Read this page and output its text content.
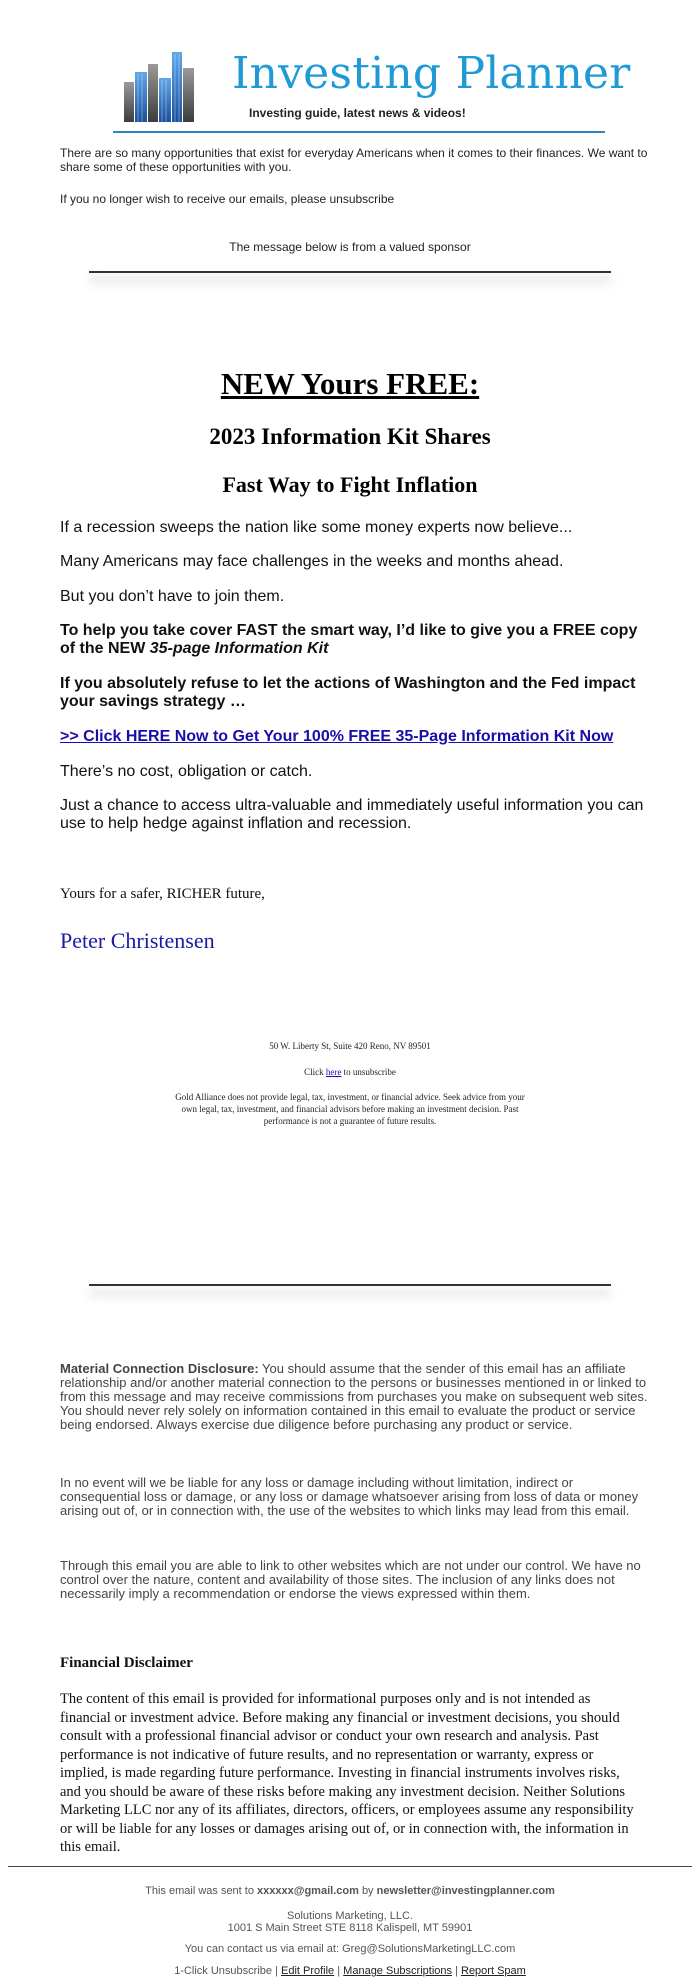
Investing Planner
Investing guide, latest news & videos!
There are so many opportunities that exist for everyday Americans when it comes to their finances. We want to share some of these opportunities with you.
If you no longer wish to receive our emails, please unsubscribe
The message below is from a valued sponsor
NEW Yours FREE:
2023 Information Kit Shares
Fast Way to Fight Inflation
If a recession sweeps the nation like some money experts now believe...
Many Americans may face challenges in the weeks and months ahead.
But you don’t have to join them.
To help you take cover FAST the smart way, I’d like to give you a FREE copy of the NEW 35-page Information Kit
If you absolutely refuse to let the actions of Washington and the Fed impact your savings strategy …
>> Click HERE Now to Get Your 100% FREE 35-Page Information Kit Now
There’s no cost, obligation or catch.
Just a chance to access ultra-valuable and immediately useful information you can use to help hedge against inflation and recession.
Yours for a safer, RICHER future,
Peter Christensen
50 W. Liberty St, Suite 420 Reno, NV 89501
Click here to unsubscribe
Gold Alliance does not provide legal, tax, investment, or financial advice. Seek advice from your own legal, tax, investment, and financial advisors before making an investment decision. Past performance is not a guarantee of future results.
Material Connection Disclosure: You should assume that the sender of this email has an affiliate relationship and/or another material connection to the persons or businesses mentioned in or linked to from this message and may receive commissions from purchases you make on subsequent web sites. You should never rely solely on information contained in this email to evaluate the product or service being endorsed. Always exercise due diligence before purchasing any product or service.
In no event will we be liable for any loss or damage including without limitation, indirect or consequential loss or damage, or any loss or damage whatsoever arising from loss of data or money arising out of, or in connection with, the use of the websites to which links may lead from this email.
Through this email you are able to link to other websites which are not under our control. We have no control over the nature, content and availability of those sites. The inclusion of any links does not necessarily imply a recommendation or endorse the views expressed within them.
Financial Disclaimer
The content of this email is provided for informational purposes only and is not intended as financial or investment advice. Before making any financial or investment decisions, you should consult with a professional financial advisor or conduct your own research and analysis. Past performance is not indicative of future results, and no representation or warranty, express or implied, is made regarding future performance. Investing in financial instruments involves risks, and you should be aware of these risks before making any investment decision. Neither Solutions Marketing LLC nor any of its affiliates, directors, officers, or employees assume any responsibility or will be liable for any losses or damages arising out of, or in connection with, the information in this email.
This email was sent to xxxxxx@gmail.com by newsletter@investingplanner.com
Solutions Marketing, LLC.
1001 S Main Street STE 8118 Kalispell, MT 59901
You can contact us via email at: Greg@SolutionsMarketingLLC.com
1-Click Unsubscribe | Edit Profile | Manage Subscriptions | Report Spam
